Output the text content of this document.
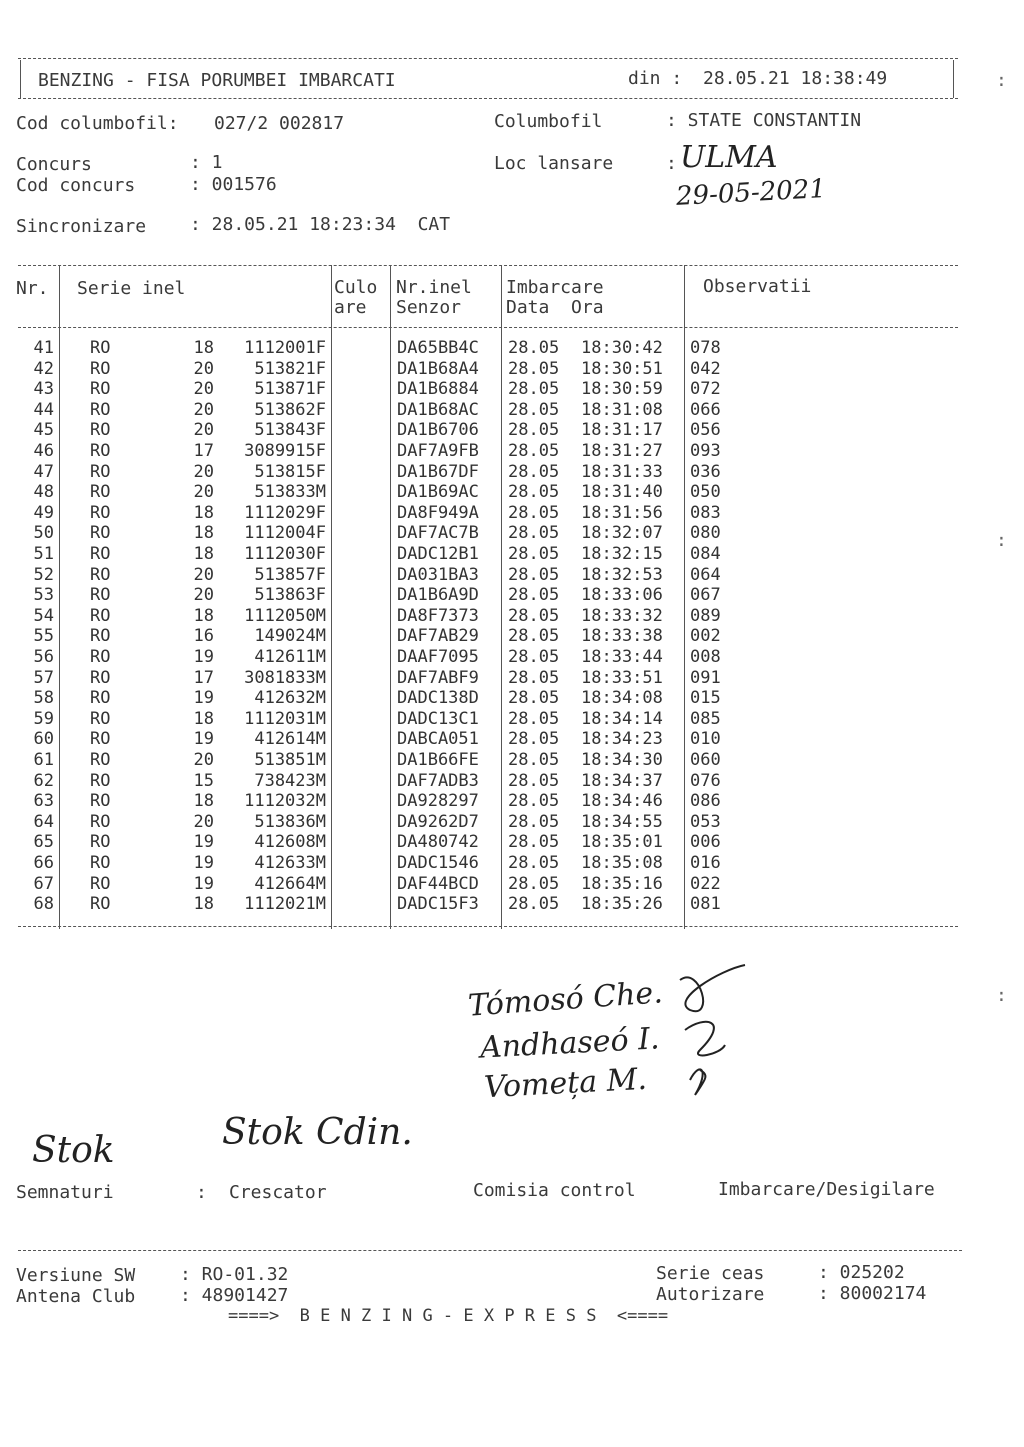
BENZING - FISA PORUMBEI IMBARCATI	din : 28.05.21 18:38:49
Cod columbofil: 027/2 002817	Columbofil	: STATE CONSTANTIN
Concurs	: 1
Cod concurs	: 001576
Loc lansare	: ULMA
29-05-2021
Sincronizare : 28.05.21 18:23:34  CAT
Nr. Serie inel	Culo
are
Nr.inel
Senzor
Imbarcare
Data  Ora
Observatii
41 RO	18	1112001F	DA65BB4C 28.05 18:30:42 078
42 RO	20	513821F	DA1B68A4 28.05 18:30:51 042
43 RO	20	513871F	DA1B6884 28.05 18:30:59 072
44 RO	20	513862F	DA1B68AC 28.05 18:31:08 066
45 RO	20	513843F	DA1B6706 28.05 18:31:17 056
46 RO	17	3089915F	DAF7A9FB 28.05 18:31:27 093
47 RO	20	513815F	DA1B67DF 28.05 18:31:33 036
48 RO	20	513833M	DA1B69AC 28.05 18:31:40 050
49 RO	18	1112029F	DA8F949A 28.05 18:31:56 083
50 RO	18	1112004F	DAF7AC7B 28.05 18:32:07 080
51 RO	18	1112030F	DADC12B1 28.05 18:32:15 084
52 RO	20	513857F	DA031BA3 28.05 18:32:53 064
53 RO	20	513863F	DA1B6A9D 28.05 18:33:06 067
54 RO	18	1112050M	DA8F7373 28.05 18:33:32 089
55 RO	16	149024M	DAF7AB29 28.05 18:33:38 002
56 RO	19	412611M	DAAF7095 28.05 18:33:44 008
57 RO	17	3081833M	DAF7ABF9 28.05 18:33:51 091
58 RO	19	412632M	DADC138D 28.05 18:34:08 015
59 RO	18	1112031M	DADC13C1 28.05 18:34:14 085
60 RO	19	412614M	DABCA051 28.05 18:34:23 010
61 RO	20	513851M	DA1B66FE 28.05 18:34:30 060
62 RO	15	738423M	DAF7ADB3 28.05 18:34:37 076
63 RO	18	1112032M	DA928297 28.05 18:34:46 086
64 RO	20	513836M	DA9262D7 28.05 18:34:55 053
65 RO	19	412608M	DA480742 28.05 18:35:01 006
66 RO	19	412633M	DADC1546 28.05 18:35:08 016
67 RO	19	412664M	DAF44BCD 28.05 18:35:16 022
68 RO	18	1112021M	DADC15F3 28.05 18:35:26 081
Tómosó Che.
Andhaseó I.
Vomeța M.
Stok	Stok Cdin.
Semnaturi	: Crescator	Comisia control	Imbarcare/Desigilare
Versiune SW : RO-01.32
Antena Club : 48901427
Serie ceas	: 025202
Autorizare	: 80002174
====>  B E N Z I N G - E X P R E S S  <====
:
:
:
